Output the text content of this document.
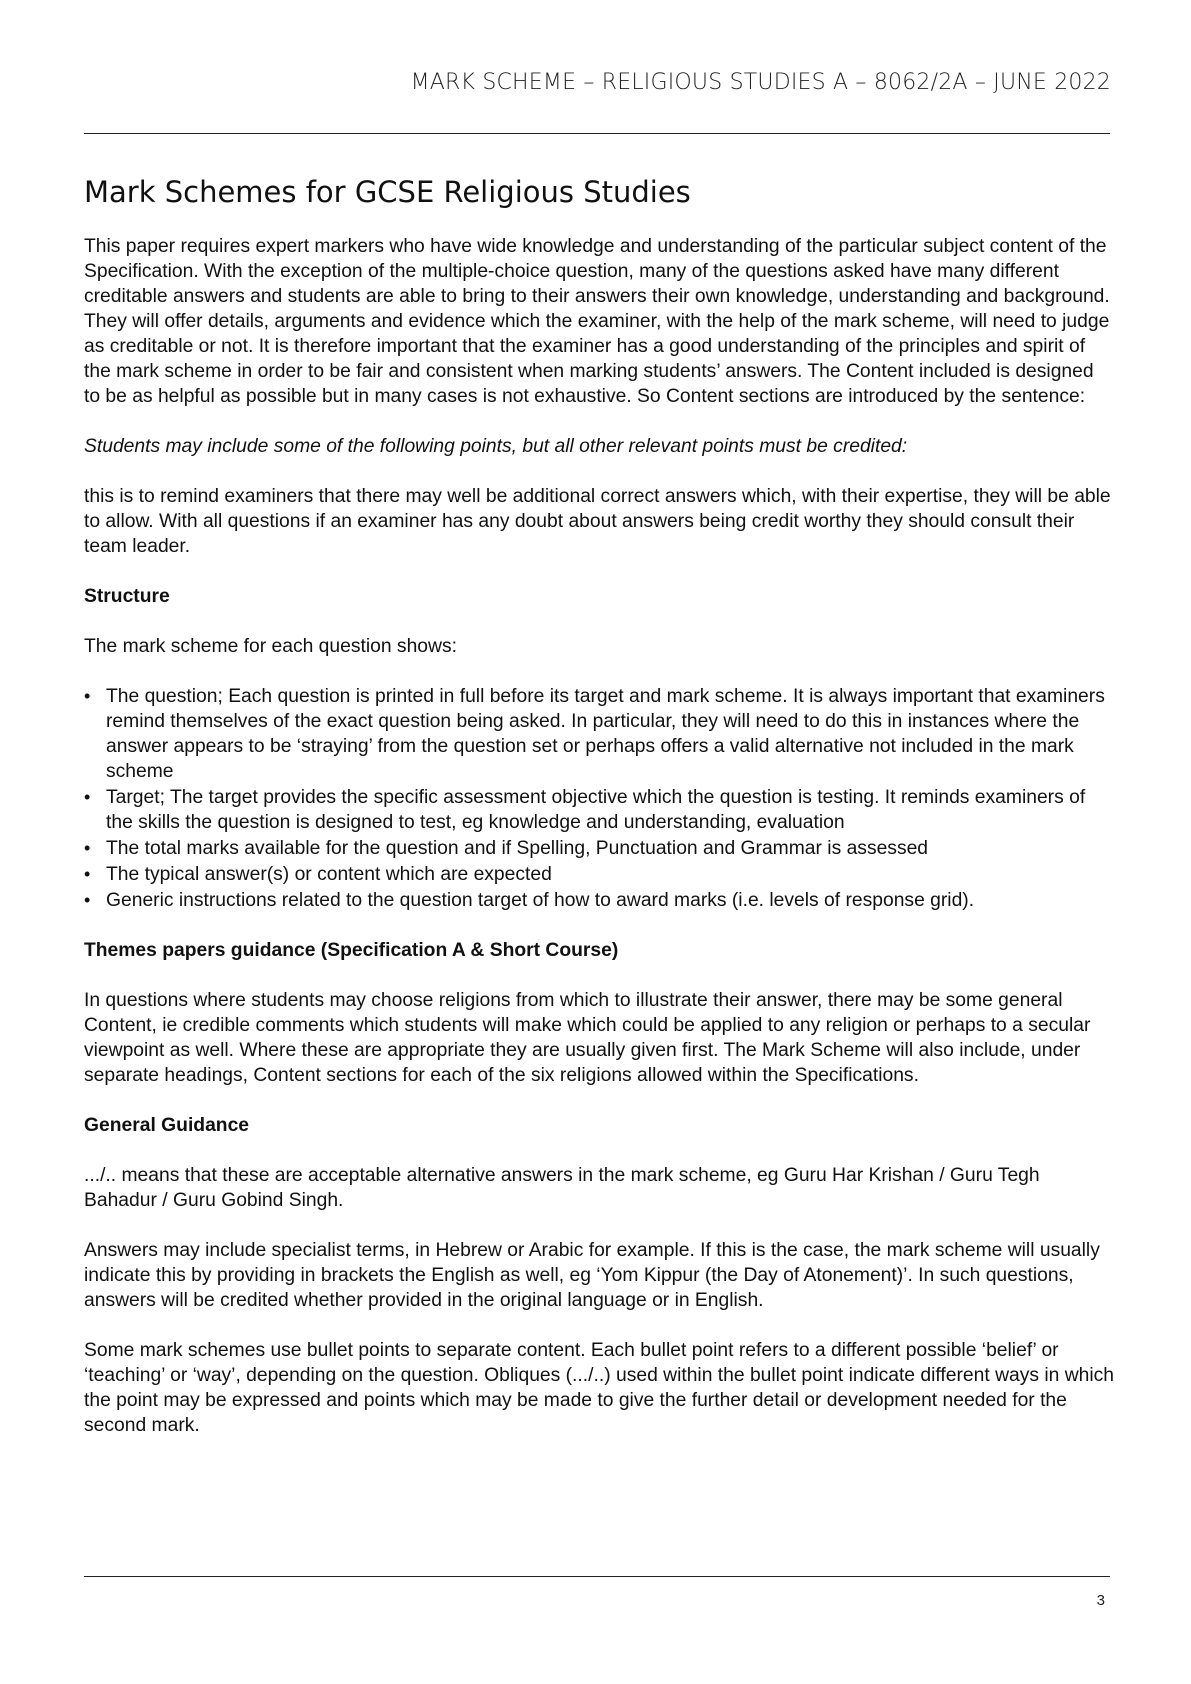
MARK SCHEME – RELIGIOUS STUDIES A – 8062/2A – JUNE 2022
Mark Schemes for GCSE Religious Studies

This paper requires expert markers who have wide knowledge and understanding of the particular subject content of the Specification. With the exception of the multiple-choice question, many of the questions asked have many different creditable answers and students are able to bring to their answers their own knowledge, understanding and background. They will offer details, arguments and evidence which the examiner, with the help of the mark scheme, will need to judge as creditable or not. It is therefore important that the examiner has a good understanding of the principles and spirit of the mark scheme in order to be fair and consistent when marking students’ answers. The Content included is designed to be as helpful as possible but in many cases is not exhaustive. So Content sections are introduced by the sentence:

Students may include some of the following points, but all other relevant points must be credited:

this is to remind examiners that there may well be additional correct answers which, with their expertise, they will be able to allow. With all questions if an examiner has any doubt about answers being credit worthy they should consult their team leader.

Structure

The mark scheme for each question shows:

• The question; Each question is printed in full before its target and mark scheme. It is always important that examiners remind themselves of the exact question being asked. In particular, they will need to do this in instances where the answer appears to be ‘straying’ from the question set or perhaps offers a valid alternative not included in the mark scheme
• Target; The target provides the specific assessment objective which the question is testing. It reminds examiners of the skills the question is designed to test, eg knowledge and understanding, evaluation
• The total marks available for the question and if Spelling, Punctuation and Grammar is assessed
• The typical answer(s) or content which are expected
• Generic instructions related to the question target of how to award marks (i.e. levels of response grid).
Themes papers guidance (Specification A & Short Course)

In questions where students may choose religions from which to illustrate their answer, there may be some general Content, ie credible comments which students will make which could be applied to any religion or perhaps to a secular viewpoint as well. Where these are appropriate they are usually given first. The Mark Scheme will also include, under separate headings, Content sections for each of the six religions allowed within the Specifications.

General Guidance

.../.. means that these are acceptable alternative answers in the mark scheme, eg Guru Har Krishan / Guru Tegh Bahadur / Guru Gobind Singh.

Answers may include specialist terms, in Hebrew or Arabic for example. If this is the case, the mark scheme will usually indicate this by providing in brackets the English as well, eg ‘Yom Kippur (the Day of Atonement)’. In such questions, answers will be credited whether provided in the original language or in English.

Some mark schemes use bullet points to separate content. Each bullet point refers to a different possible ‘belief’ or ‘teaching’ or ‘way’, depending on the question. Obliques (.../..) used within the bullet point indicate different ways in which the point may be expressed and points which may be made to give the further detail or development needed for the second mark.

3
